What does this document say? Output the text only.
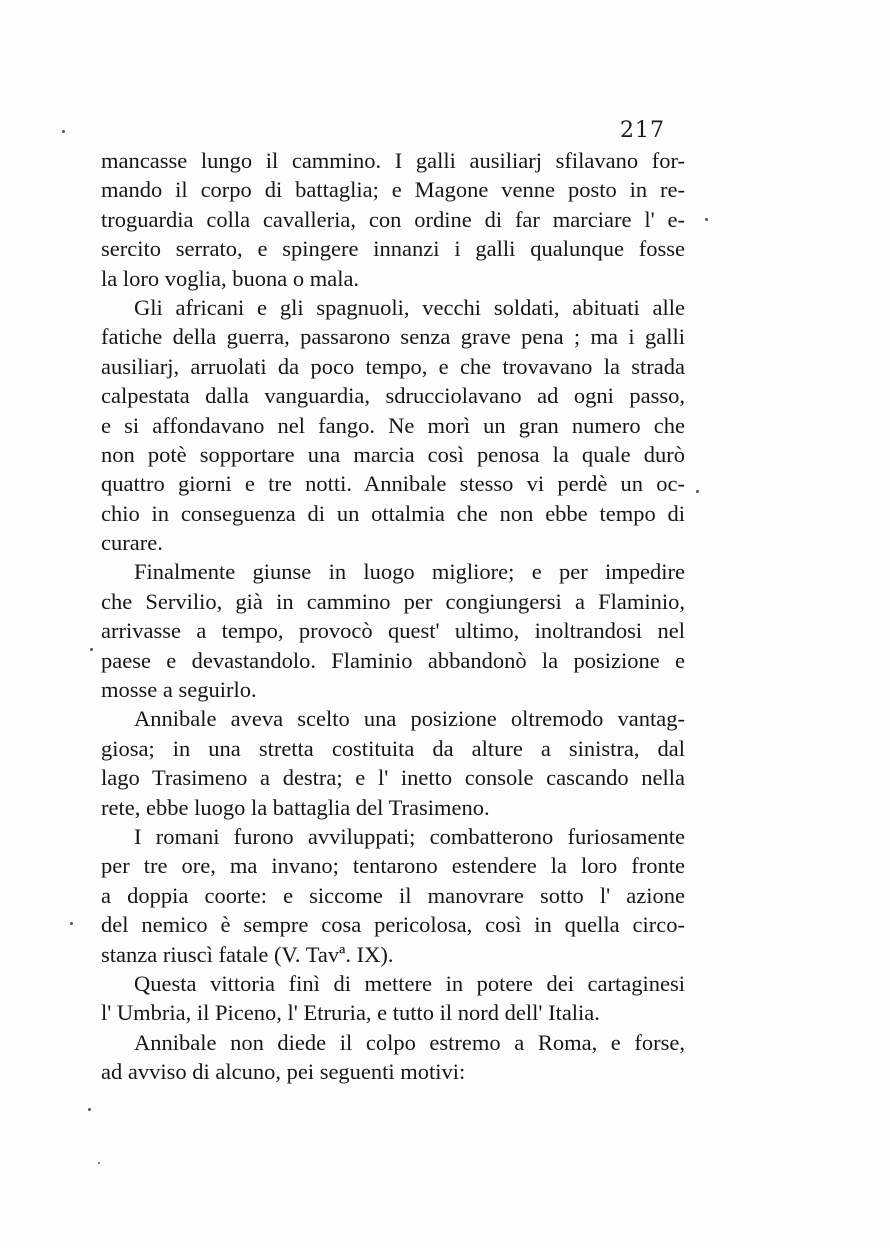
217
mancasse lungo il cammino. I galli ausiliarj sfilavano for-
mando il corpo di battaglia; e Magone venne posto in re-
troguardia colla cavalleria, con ordine di far marciare l' e-
sercito serrato, e spingere innanzi i galli qualunque fosse
la loro voglia, buona o mala.
Gli africani e gli spagnuoli, vecchi soldati, abituati alle
fatiche della guerra, passarono senza grave pena ; ma i galli
ausiliarj, arruolati da poco tempo, e che trovavano la strada
calpestata dalla vanguardia, sdrucciolavano ad ogni passo,
e si affondavano nel fango. Ne morì un gran numero che
non potè sopportare una marcia così penosa la quale durò
quattro giorni e tre notti. Annibale stesso vi perdè un oc-
chio in conseguenza di un ottalmia che non ebbe tempo di
curare.
Finalmente giunse in luogo migliore; e per impedire
che Servilio, già in cammino per congiungersi a Flaminio,
arrivasse a tempo, provocò quest' ultimo, inoltrandosi nel
paese e devastandolo. Flaminio abbandonò la posizione e
mosse a seguirlo.
Annibale aveva scelto una posizione oltremodo vantag-
giosa; in una stretta costituita da alture a sinistra, dal
lago Trasimeno a destra; e l' inetto console cascando nella
rete, ebbe luogo la battaglia del Trasimeno.
I romani furono avviluppati; combatterono furiosamente
per tre ore, ma invano; tentarono estendere la loro fronte
a doppia coorte: e siccome il manovrare sotto l' azione
del nemico è sempre cosa pericolosa, così in quella circo-
stanza riuscì fatale (V. Tavª. IX).
Questa vittoria finì di mettere in potere dei cartaginesi
l' Umbria, il Piceno, l' Etruria, e tutto il nord dell' Italia.
Annibale non diede il colpo estremo a Roma, e forse,
ad avviso di alcuno, pei seguenti motivi:
